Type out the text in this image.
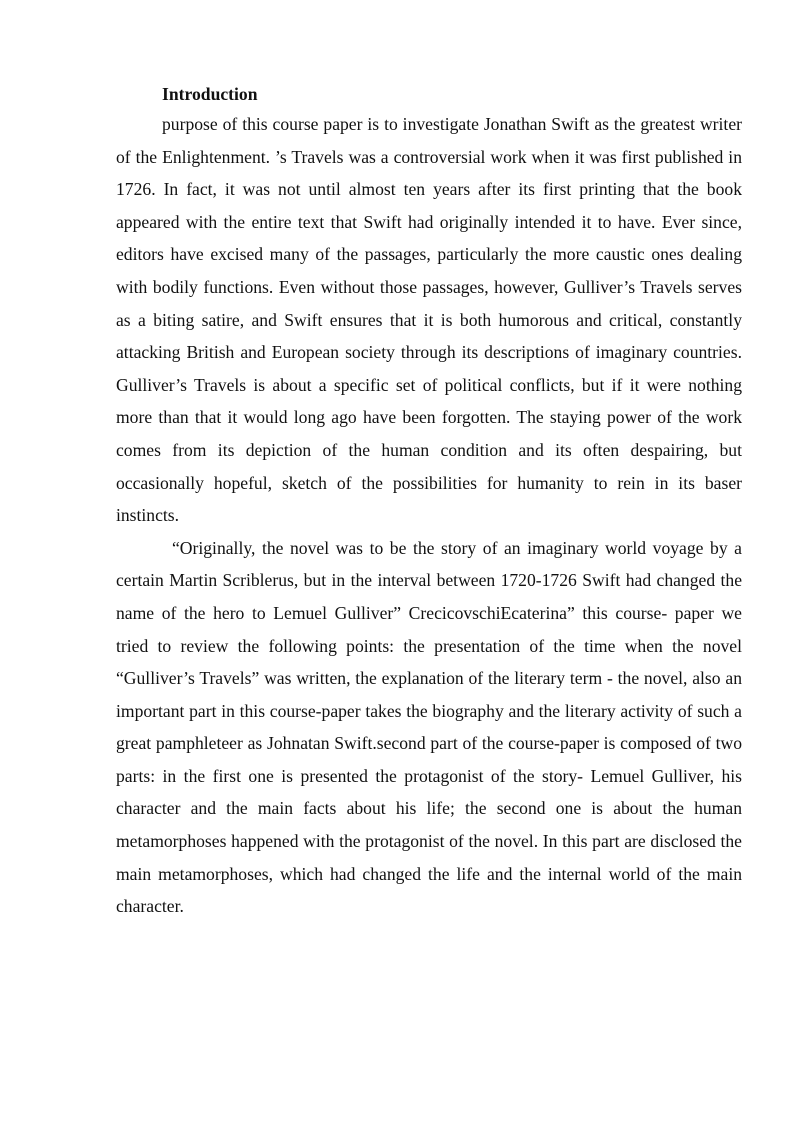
Introduction

purpose of this course paper is to investigate Jonathan Swift as the greatest writer of the Enlightenment. ’s Travels was a controversial work when it was first published in 1726. In fact, it was not until almost ten years after its first printing that the book appeared with the entire text that Swift had originally intended it to have. Ever since, editors have excised many of the passages, particularly the more caustic ones dealing with bodily functions. Even without those passages, however, Gulliver’s Travels serves as a biting satire, and Swift ensures that it is both humorous and critical, constantly attacking British and European society through its descriptions of imaginary countries. Gulliver’s Travels is about a specific set of political conflicts, but if it were nothing more than that it would long ago have been forgotten. The staying power of the work comes from its depiction of the human condition and its often despairing, but occasionally hopeful, sketch of the possibilities for humanity to rein in its baser instincts.

“Originally, the novel was to be the story of an imaginary world voyage by a certain Martin Scriblerus, but in the interval between 1720-1726 Swift had changed the name of the hero to Lemuel Gulliver” CrecicovschiEcaterina” this course- paper we tried to review the following points: the presentation of the time when the novel “Gulliver’s Travels” was written, the explanation of the literary term - the novel, also an important part in this course-paper takes the biography and the literary activity of such a great pamphleteer as Johnatan Swift.second part of the course-paper is composed of two parts: in the first one is presented the protagonist of the story- Lemuel Gulliver, his character and the main facts about his life; the second one is about the human metamorphoses happened with the protagonist of the novel. In this part are disclosed the main metamorphoses, which had changed the life and the internal world of the main character.
